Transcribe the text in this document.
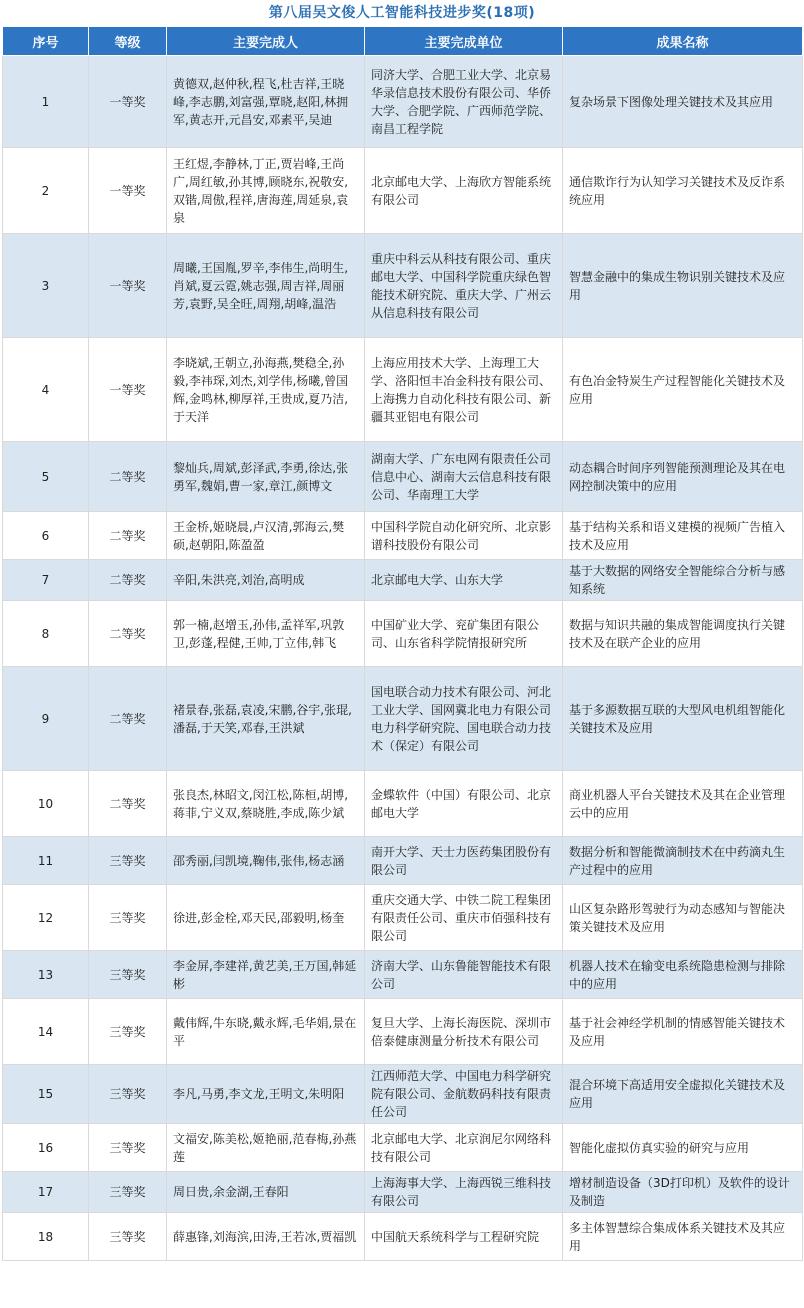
第八届吴文俊人工智能科技进步奖(18项)
序号	等级	主要完成人	主要完成单位	成果名称
1	一等奖	黄德双,赵仲秋,程飞,杜吉祥,王晓峰,李志鹏,刘富强,覃晓,赵阳,林拥军,黄志开,元昌安,邓素平,吴迪	同济大学、合肥工业大学、北京易华录信息技术股份有限公司、华侨大学、合肥学院、广西师范学院、南昌工程学院	复杂场景下图像处理关键技术及其应用
2	一等奖	王红煜,李静林,丁正,贾岩峰,王尚广,周红敏,孙其博,顾晓东,祝敬安,双锴,周傲,程祥,唐海莲,周延泉,袁泉	北京邮电大学、上海欣方智能系统有限公司	通信欺诈行为认知学习关键技术及反诈系统应用
3	一等奖	周曦,王国胤,罗辛,李伟生,尚明生,肖斌,夏云霓,姚志强,周吉祥,周丽芳,袁野,吴全旺,周翔,胡峰,温浩	重庆中科云从科技有限公司、重庆邮电大学、中国科学院重庆绿色智能技术研究院、重庆大学、广州云从信息科技有限公司	智慧金融中的集成生物识别关键技术及应用
4	一等奖	李晓斌,王朝立,孙海燕,樊稳全,孙毅,李祎琛,刘杰,刘学伟,杨曦,曾国辉,金鸣林,柳厚祥,王贵成,夏乃洁,于天洋	上海应用技术大学、上海理工大学、洛阳恒丰冶金科技有限公司、上海携力自动化科技有限公司、新疆其亚铝电有限公司	有色冶金特炭生产过程智能化关键技术及应用
5	二等奖	黎灿兵,周斌,彭泽武,李勇,徐达,张勇军,魏娟,曹一家,章江,颜博文	湖南大学、广东电网有限责任公司信息中心、湖南大云信息科技有限公司、华南理工大学	动态耦合时间序列智能预测理论及其在电网控制决策中的应用
6	二等奖	王金桥,姬晓晨,卢汉清,郭海云,樊硕,赵朝阳,陈盈盈	中国科学院自动化研究所、北京影谱科技股份有限公司	基于结构关系和语义建模的视频广告植入技术及应用
7	二等奖	辛阳,朱洪亮,刘治,高明成	北京邮电大学、山东大学	基于大数据的网络安全智能综合分析与感知系统
8	二等奖	郭一楠,赵增玉,孙伟,孟祥军,巩敦卫,彭蓬,程健,王帅,丁立伟,韩飞	中国矿业大学、兖矿集团有限公司、山东省科学院情报研究所	数据与知识共融的集成智能调度执行关键技术及在联产企业的应用
9	二等奖	褚景春,张磊,袁凌,宋鹏,谷宇,张琨,潘磊,于天笑,邓春,王洪斌	国电联合动力技术有限公司、河北工业大学、国网冀北电力有限公司电力科学研究院、国电联合动力技术（保定）有限公司	基于多源数据互联的大型风电机组智能化关键技术及应用
10	二等奖	张良杰,林昭文,闵江松,陈桓,胡博,蒋菲,宁义双,蔡晓胜,李成,陈少斌	金蝶软件（中国）有限公司、北京邮电大学	商业机器人平台关键技术及其在企业管理云中的应用
11	三等奖	邵秀丽,闫凯境,鞠伟,张伟,杨志涵	南开大学、天士力医药集团股份有限公司	数据分析和智能微滴制技术在中药滴丸生产过程中的应用
12	三等奖	徐进,彭金栓,邓天民,邵毅明,杨奎	重庆交通大学、中铁二院工程集团有限责任公司、重庆市佰强科技有限公司	山区复杂路形驾驶行为动态感知与智能决策关键技术及应用
13	三等奖	李金屏,李建祥,黄艺美,王万国,韩延彬	济南大学、山东鲁能智能技术有限公司	机器人技术在输变电系统隐患检测与排除中的应用
14	三等奖	戴伟辉,牛东晓,戴永辉,毛华娟,景在平	复旦大学、上海长海医院、深圳市倍泰健康测量分析技术有限公司	基于社会神经学机制的情感智能关键技术及应用
15	三等奖	李凡,马勇,李文龙,王明文,朱明阳	江西师范大学、中国电力科学研究院有限公司、金航数码科技有限责任公司	混合环境下高适用安全虚拟化关键技术及应用
16	三等奖	文福安,陈美松,姬艳丽,范春梅,孙燕莲	北京邮电大学、北京润尼尔网络科技有限公司	智能化虚拟仿真实验的研究与应用
17	三等奖	周日贵,余金湖,王春阳	上海海事大学、上海西锐三维科技有限公司	增材制造设备（3D打印机）及软件的设计及制造
18	三等奖	薛惠锋,刘海滨,田涛,王若冰,贾福凯	中国航天系统科学与工程研究院	多主体智慧综合集成体系关键技术及其应用
